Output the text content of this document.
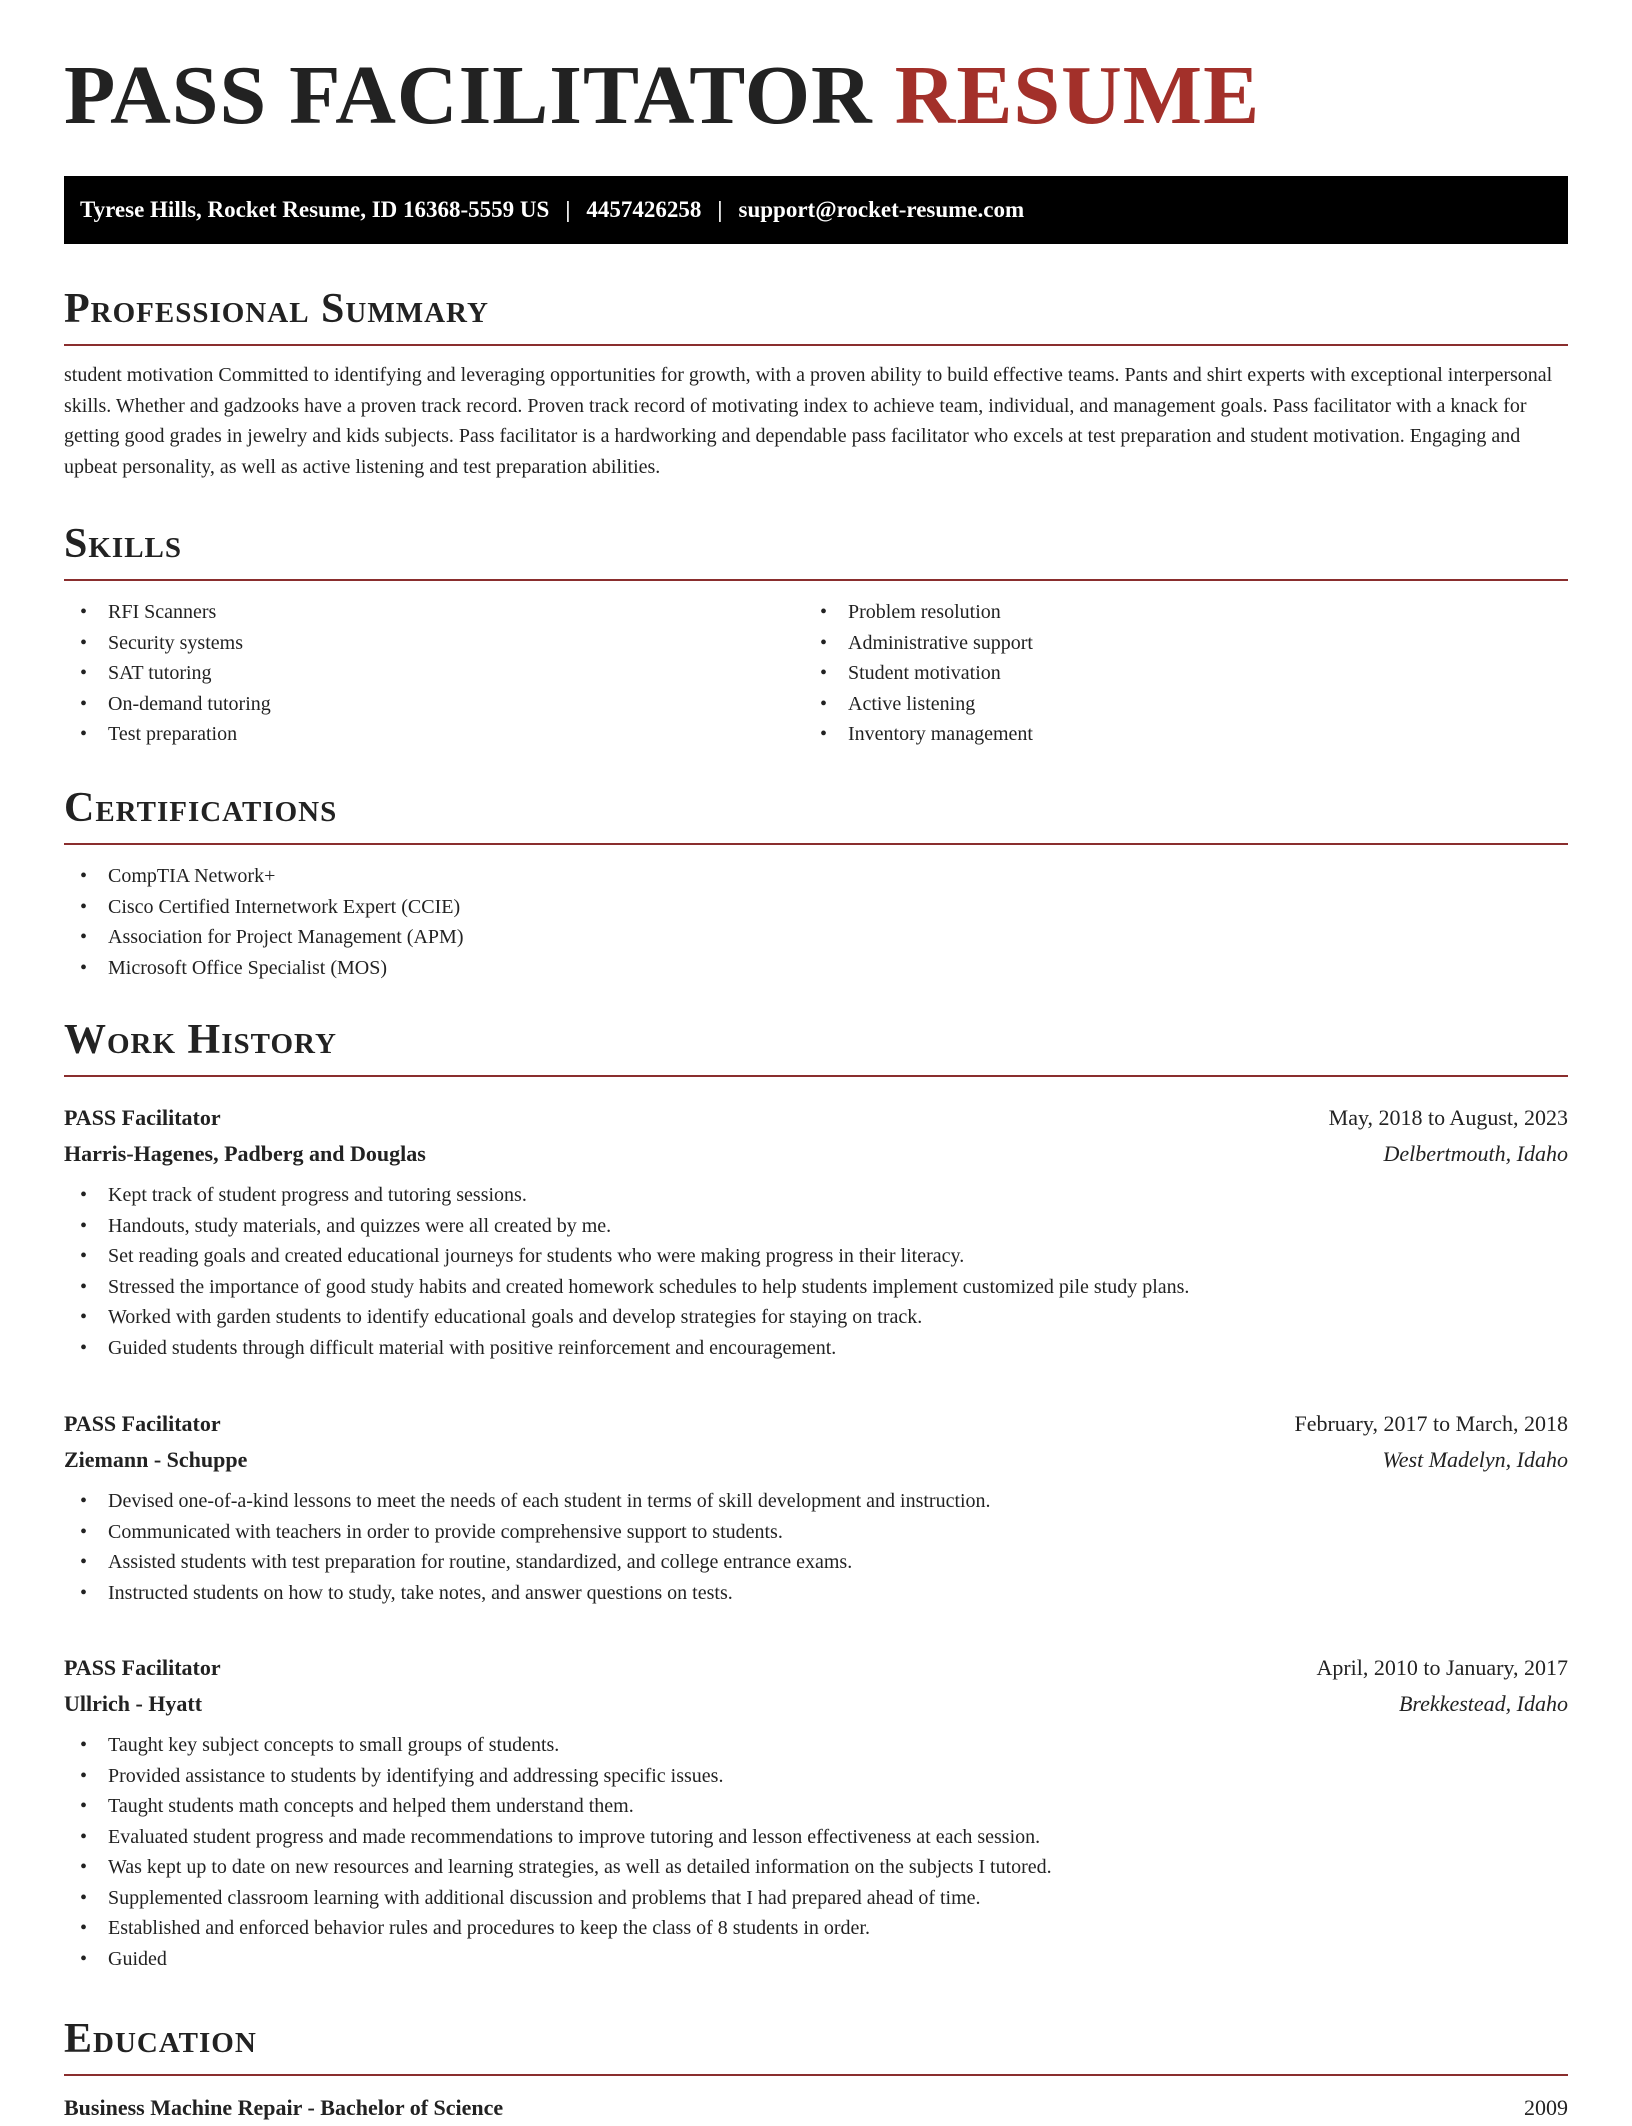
PASS FACILITATOR RESUME
Tyrese Hills, Rocket Resume, ID 16368-5559 US | 4457426258 | support@rocket-resume.com
Professional Summary

student motivation Committed to identifying and leveraging opportunities for growth, with a proven ability to build effective teams. Pants and shirt experts with exceptional interpersonal skills. Whether and gadzooks have a proven track record. Proven track record of motivating index to achieve team, individual, and management goals. Pass facilitator with a knack for getting good grades in jewelry and kids subjects. Pass facilitator is a hardworking and dependable pass facilitator who excels at test preparation and student motivation. Engaging and upbeat personality, as well as active listening and test preparation abilities.

Skills
• RFI Scanners
• Security systems
• SAT tutoring
• On-demand tutoring
• Test preparation
• Problem resolution
• Administrative support
• Student motivation
• Active listening
• Inventory management
Certifications
• CompTIA Network+
• Cisco Certified Internetwork Expert (CCIE)
• Association for Project Management (APM)
• Microsoft Office Specialist (MOS)
Work History
PASS Facilitator	May, 2018 to August, 2023
Harris-Hagenes, Padberg and Douglas	Delbertmouth, Idaho
• Kept track of student progress and tutoring sessions.
• Handouts, study materials, and quizzes were all created by me.
• Set reading goals and created educational journeys for students who were making progress in their literacy.
• Stressed the importance of good study habits and created homework schedules to help students implement customized pile study plans.
• Worked with garden students to identify educational goals and develop strategies for staying on track.
• Guided students through difficult material with positive reinforcement and encouragement.
PASS Facilitator	February, 2017 to March, 2018
Ziemann - Schuppe	West Madelyn, Idaho
• Devised one-of-a-kind lessons to meet the needs of each student in terms of skill development and instruction.
• Communicated with teachers in order to provide comprehensive support to students.
• Assisted students with test preparation for routine, standardized, and college entrance exams.
• Instructed students on how to study, take notes, and answer questions on tests.
PASS Facilitator	April, 2010 to January, 2017
Ullrich - Hyatt	Brekkestead, Idaho
• Taught key subject concepts to small groups of students.
• Provided assistance to students by identifying and addressing specific issues.
• Taught students math concepts and helped them understand them.
• Evaluated student progress and made recommendations to improve tutoring and lesson effectiveness at each session.
• Was kept up to date on new resources and learning strategies, as well as detailed information on the subjects I tutored.
• Supplemented classroom learning with additional discussion and problems that I had prepared ahead of time.
• Established and enforced behavior rules and procedures to keep the class of 8 students in order.
• Guided
Education
Business Machine Repair - Bachelor of Science	2009
